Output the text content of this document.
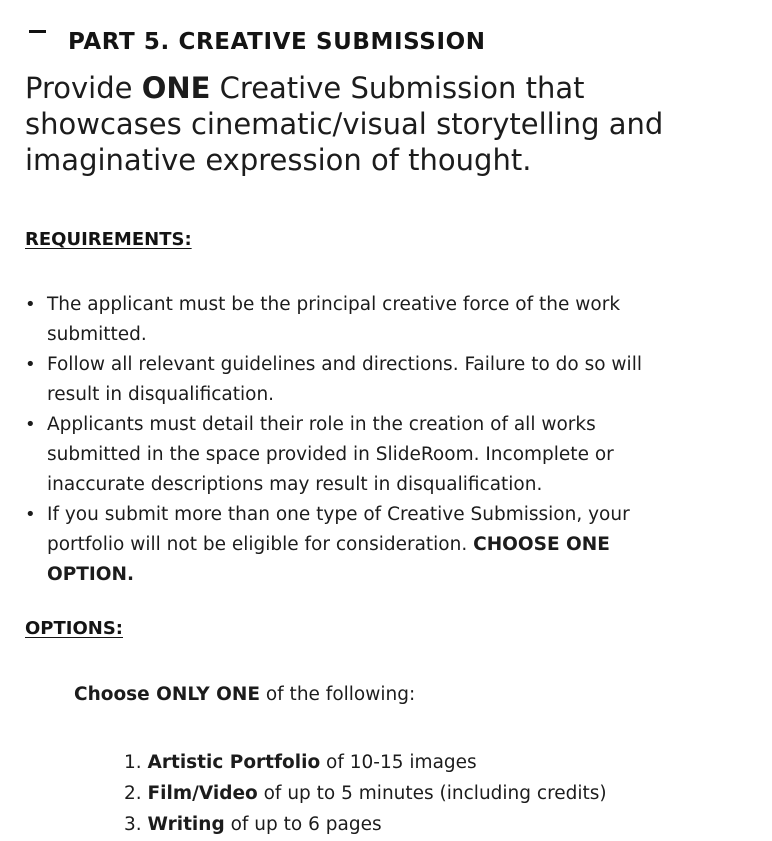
PART 5. CREATIVE SUBMISSION

Provide ONE Creative Submission that
showcases cinematic/visual storytelling and
imaginative expression of thought.

REQUIREMENTS:
• The applicant must be the principal creative force of the work
submitted.
• Follow all relevant guidelines and directions. Failure to do so will
result in disqualification.
• Applicants must detail their role in the creation of all works
submitted in the space provided in SlideRoom. Incomplete or
inaccurate descriptions may result in disqualification.
• If you submit more than one type of Creative Submission, your
portfolio will not be eligible for consideration. CHOOSE ONE
OPTION.
OPTIONS:

Choose ONLY ONE of the following:

1. Artistic Portfolio of 10-15 images
2. Film/Video of up to 5 minutes (including credits)
3. Writing of up to 6 pages
